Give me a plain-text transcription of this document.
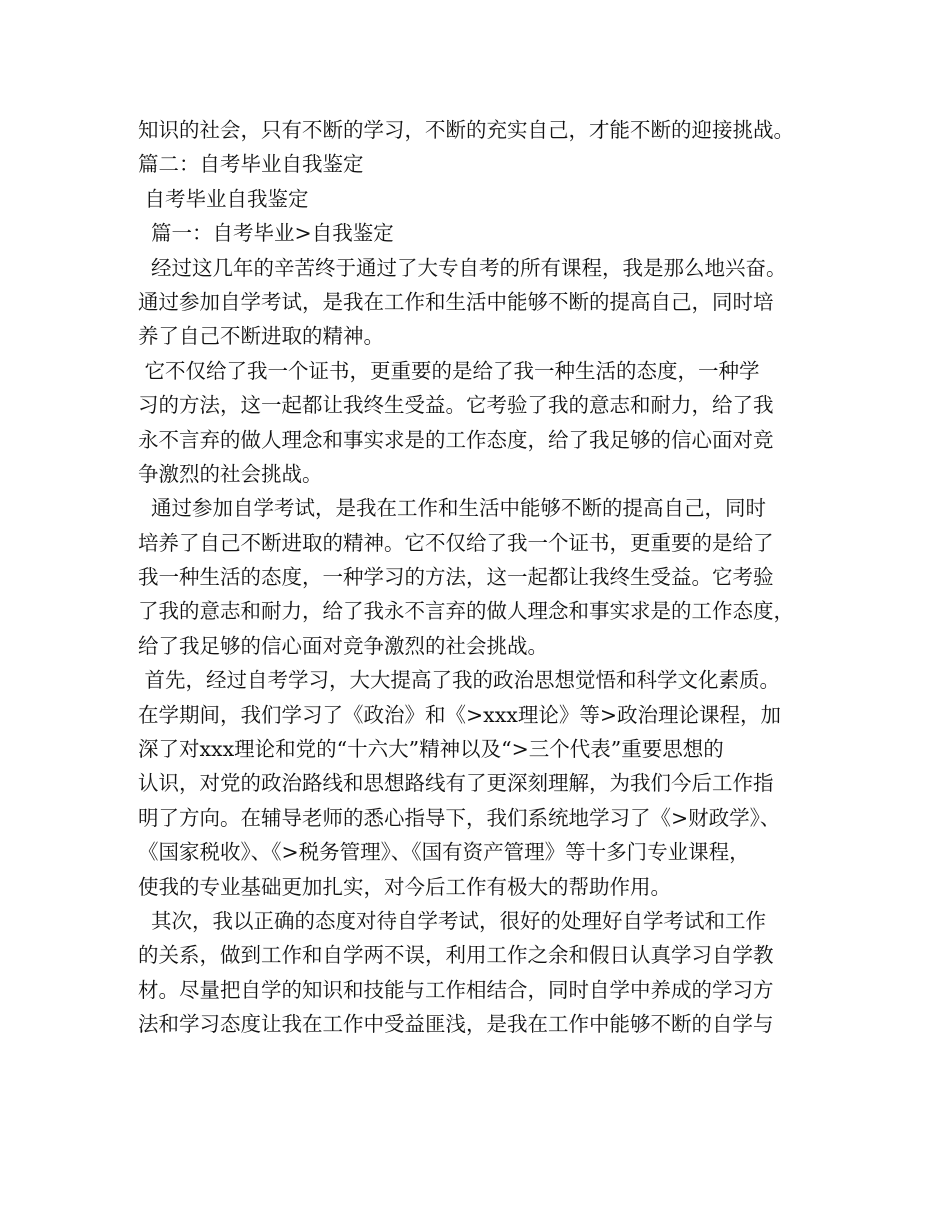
知识的社会，只有不断的学习，不断的充实自己，才能不断的迎接挑战。
篇二：自考毕业自我鉴定
自考毕业自我鉴定
篇一：自考毕业>自我鉴定
经过这几年的辛苦终于通过了大专自考的所有课程，我是那么地兴奋。
通过参加自学考试，是我在工作和生活中能够不断的提高自己，同时培
养了自己不断进取的精神。
它不仅给了我一个证书，更重要的是给了我一种生活的态度，一种学
习的方法，这一起都让我终生受益。它考验了我的意志和耐力，给了我
永不言弃的做人理念和事实求是的工作态度，给了我足够的信心面对竞
争激烈的社会挑战。
通过参加自学考试，是我在工作和生活中能够不断的提高自己，同时
培养了自己不断进取的精神。它不仅给了我一个证书，更重要的是给了
我一种生活的态度，一种学习的方法，这一起都让我终生受益。它考验
了我的意志和耐力，给了我永不言弃的做人理念和事实求是的工作态度，
给了我足够的信心面对竞争激烈的社会挑战。
首先，经过自考学习，大大提高了我的政治思想觉悟和科学文化素质。
在学期间，我们学习了《政治》和《>xxx理论》等>政治理论课程，加
深了对xxx理论和党的“十六大”精神以及“>三个代表”重要思想的
认识，对党的政治路线和思想路线有了更深刻理解，为我们今后工作指
明了方向。在辅导老师的悉心指导下，我们系统地学习了《>财政学》、
《国家税收》、《>税务管理》、《国有资产管理》等十多门专业课程，
使我的专业基础更加扎实，对今后工作有极大的帮助作用。
其次，我以正确的态度对待自学考试，很好的处理好自学考试和工作
的关系，做到工作和自学两不误，利用工作之余和假日认真学习自学教
材。尽量把自学的知识和技能与工作相结合，同时自学中养成的学习方
法和学习态度让我在工作中受益匪浅，是我在工作中能够不断的自学与
